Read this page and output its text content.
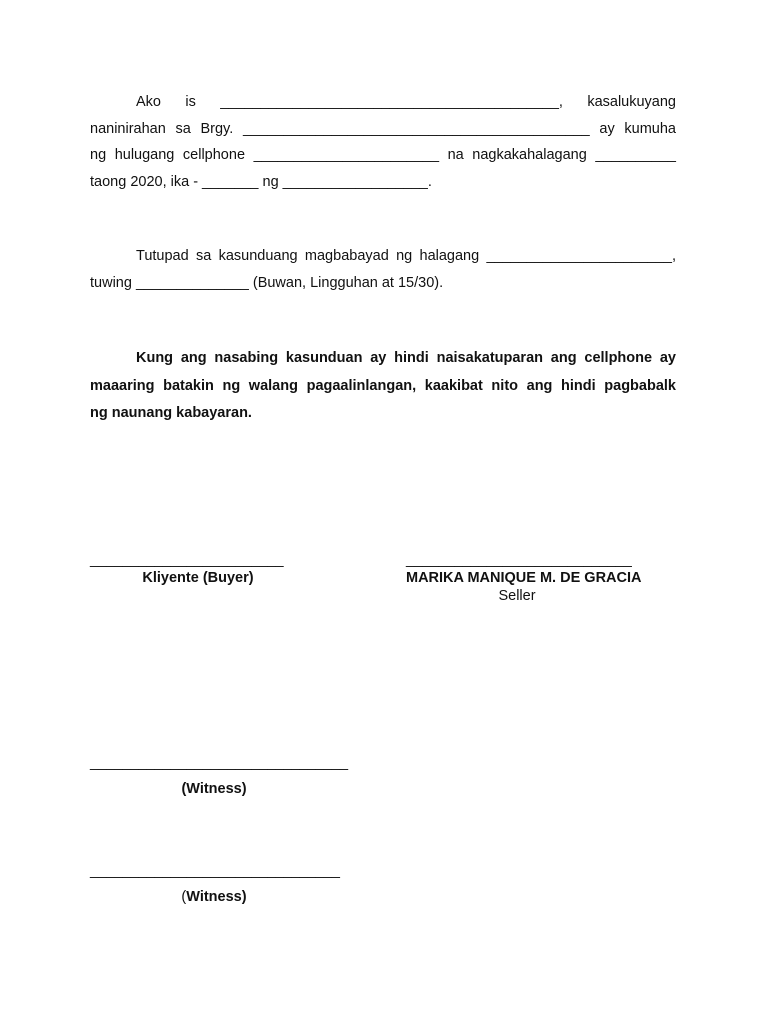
Ako is __________________________________________, kasalukuyang
naninirahan sa Brgy. ___________________________________________ ay kumuha
ng hulugang cellphone _______________________ na nagkakahalagang __________
taong 2020, ika - _______ ng __________________.
Tutupad sa kasunduang magbabayad ng halagang _______________________,
tuwing ______________ (Buwan, Lingguhan at 15/30).
Kung ang nasabing kasunduan ay hindi naisakatuparan ang cellphone ay
maaaring batakin ng walang pagaalinlangan, kaakibat nito ang hindi pagbabalk
ng naunang kabayaran.
________________________
Kliyente (Buyer)
____________________________
MARIKA MANIQUE M. DE GRACIA
Seller
________________________________
(Witness)
_______________________________
(Witness)
